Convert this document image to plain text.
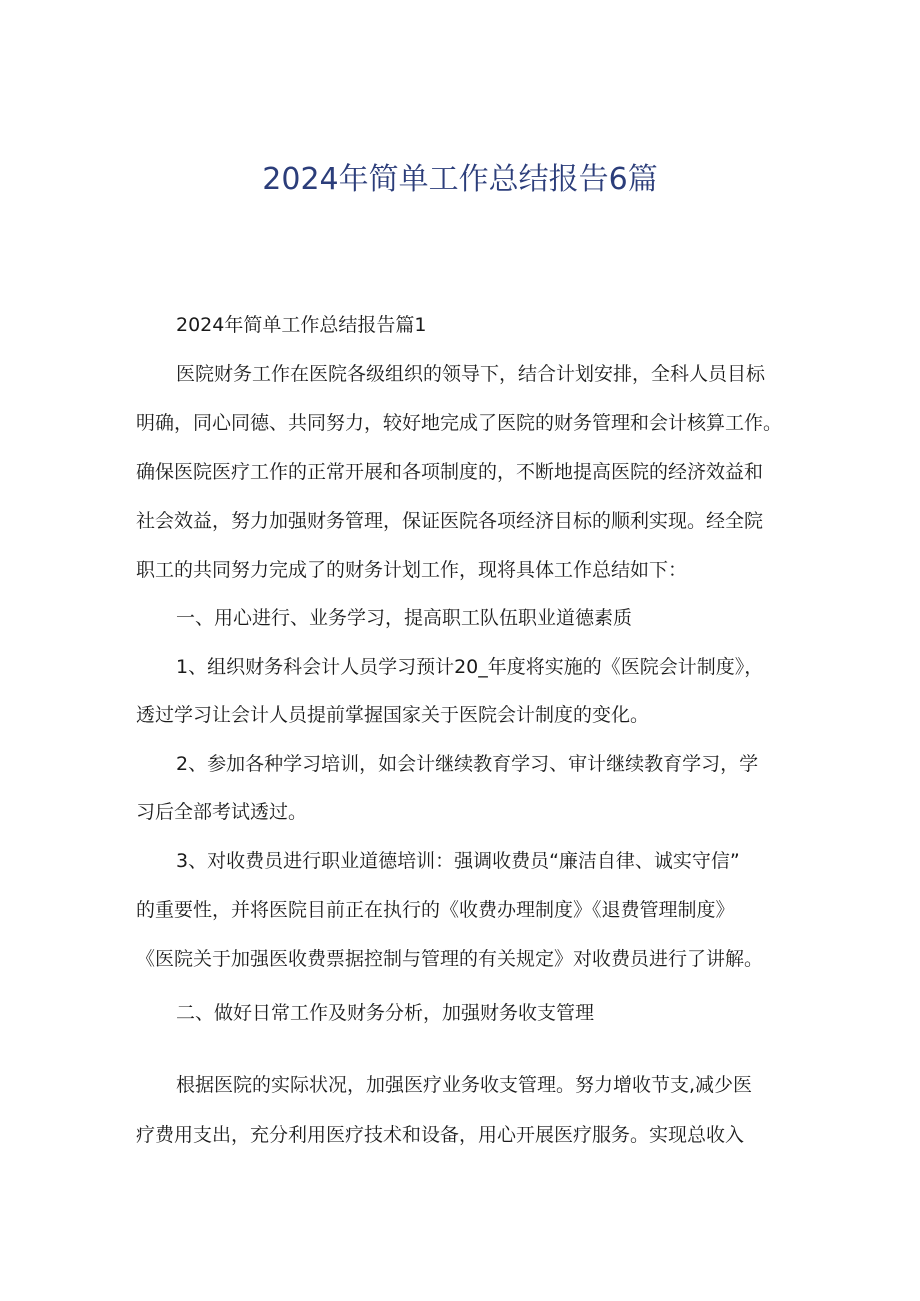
2024年简单工作总结报告6篇
2024年简单工作总结报告篇1
医院财务工作在医院各级组织的领导下，结合计划安排，全科人员目标
明确，同心同德、共同努力，较好地完成了医院的财务管理和会计核算工作。
确保医院医疗工作的正常开展和各项制度的，不断地提高医院的经济效益和
社会效益，努力加强财务管理，保证医院各项经济目标的顺利实现。经全院
职工的共同努力完成了的财务计划工作，现将具体工作总结如下：
一、用心进行、业务学习，提高职工队伍职业道德素质
1、组织财务科会计人员学习预计20_年度将实施的《医院会计制度》，
透过学习让会计人员提前掌握国家关于医院会计制度的变化。
2、参加各种学习培训，如会计继续教育学习、审计继续教育学习，学
习后全部考试透过。
3、对收费员进行职业道德培训：强调收费员“廉洁自律、诚实守信”
的重要性，并将医院目前正在执行的《收费办理制度》《退费管理制度》
《医院关于加强医收费票据控制与管理的有关规定》对收费员进行了讲解。
二、做好日常工作及财务分析，加强财务收支管理
根据医院的实际状况，加强医疗业务收支管理。努力增收节支,减少医
疗费用支出，充分利用医疗技术和设备，用心开展医疗服务。实现总收入
